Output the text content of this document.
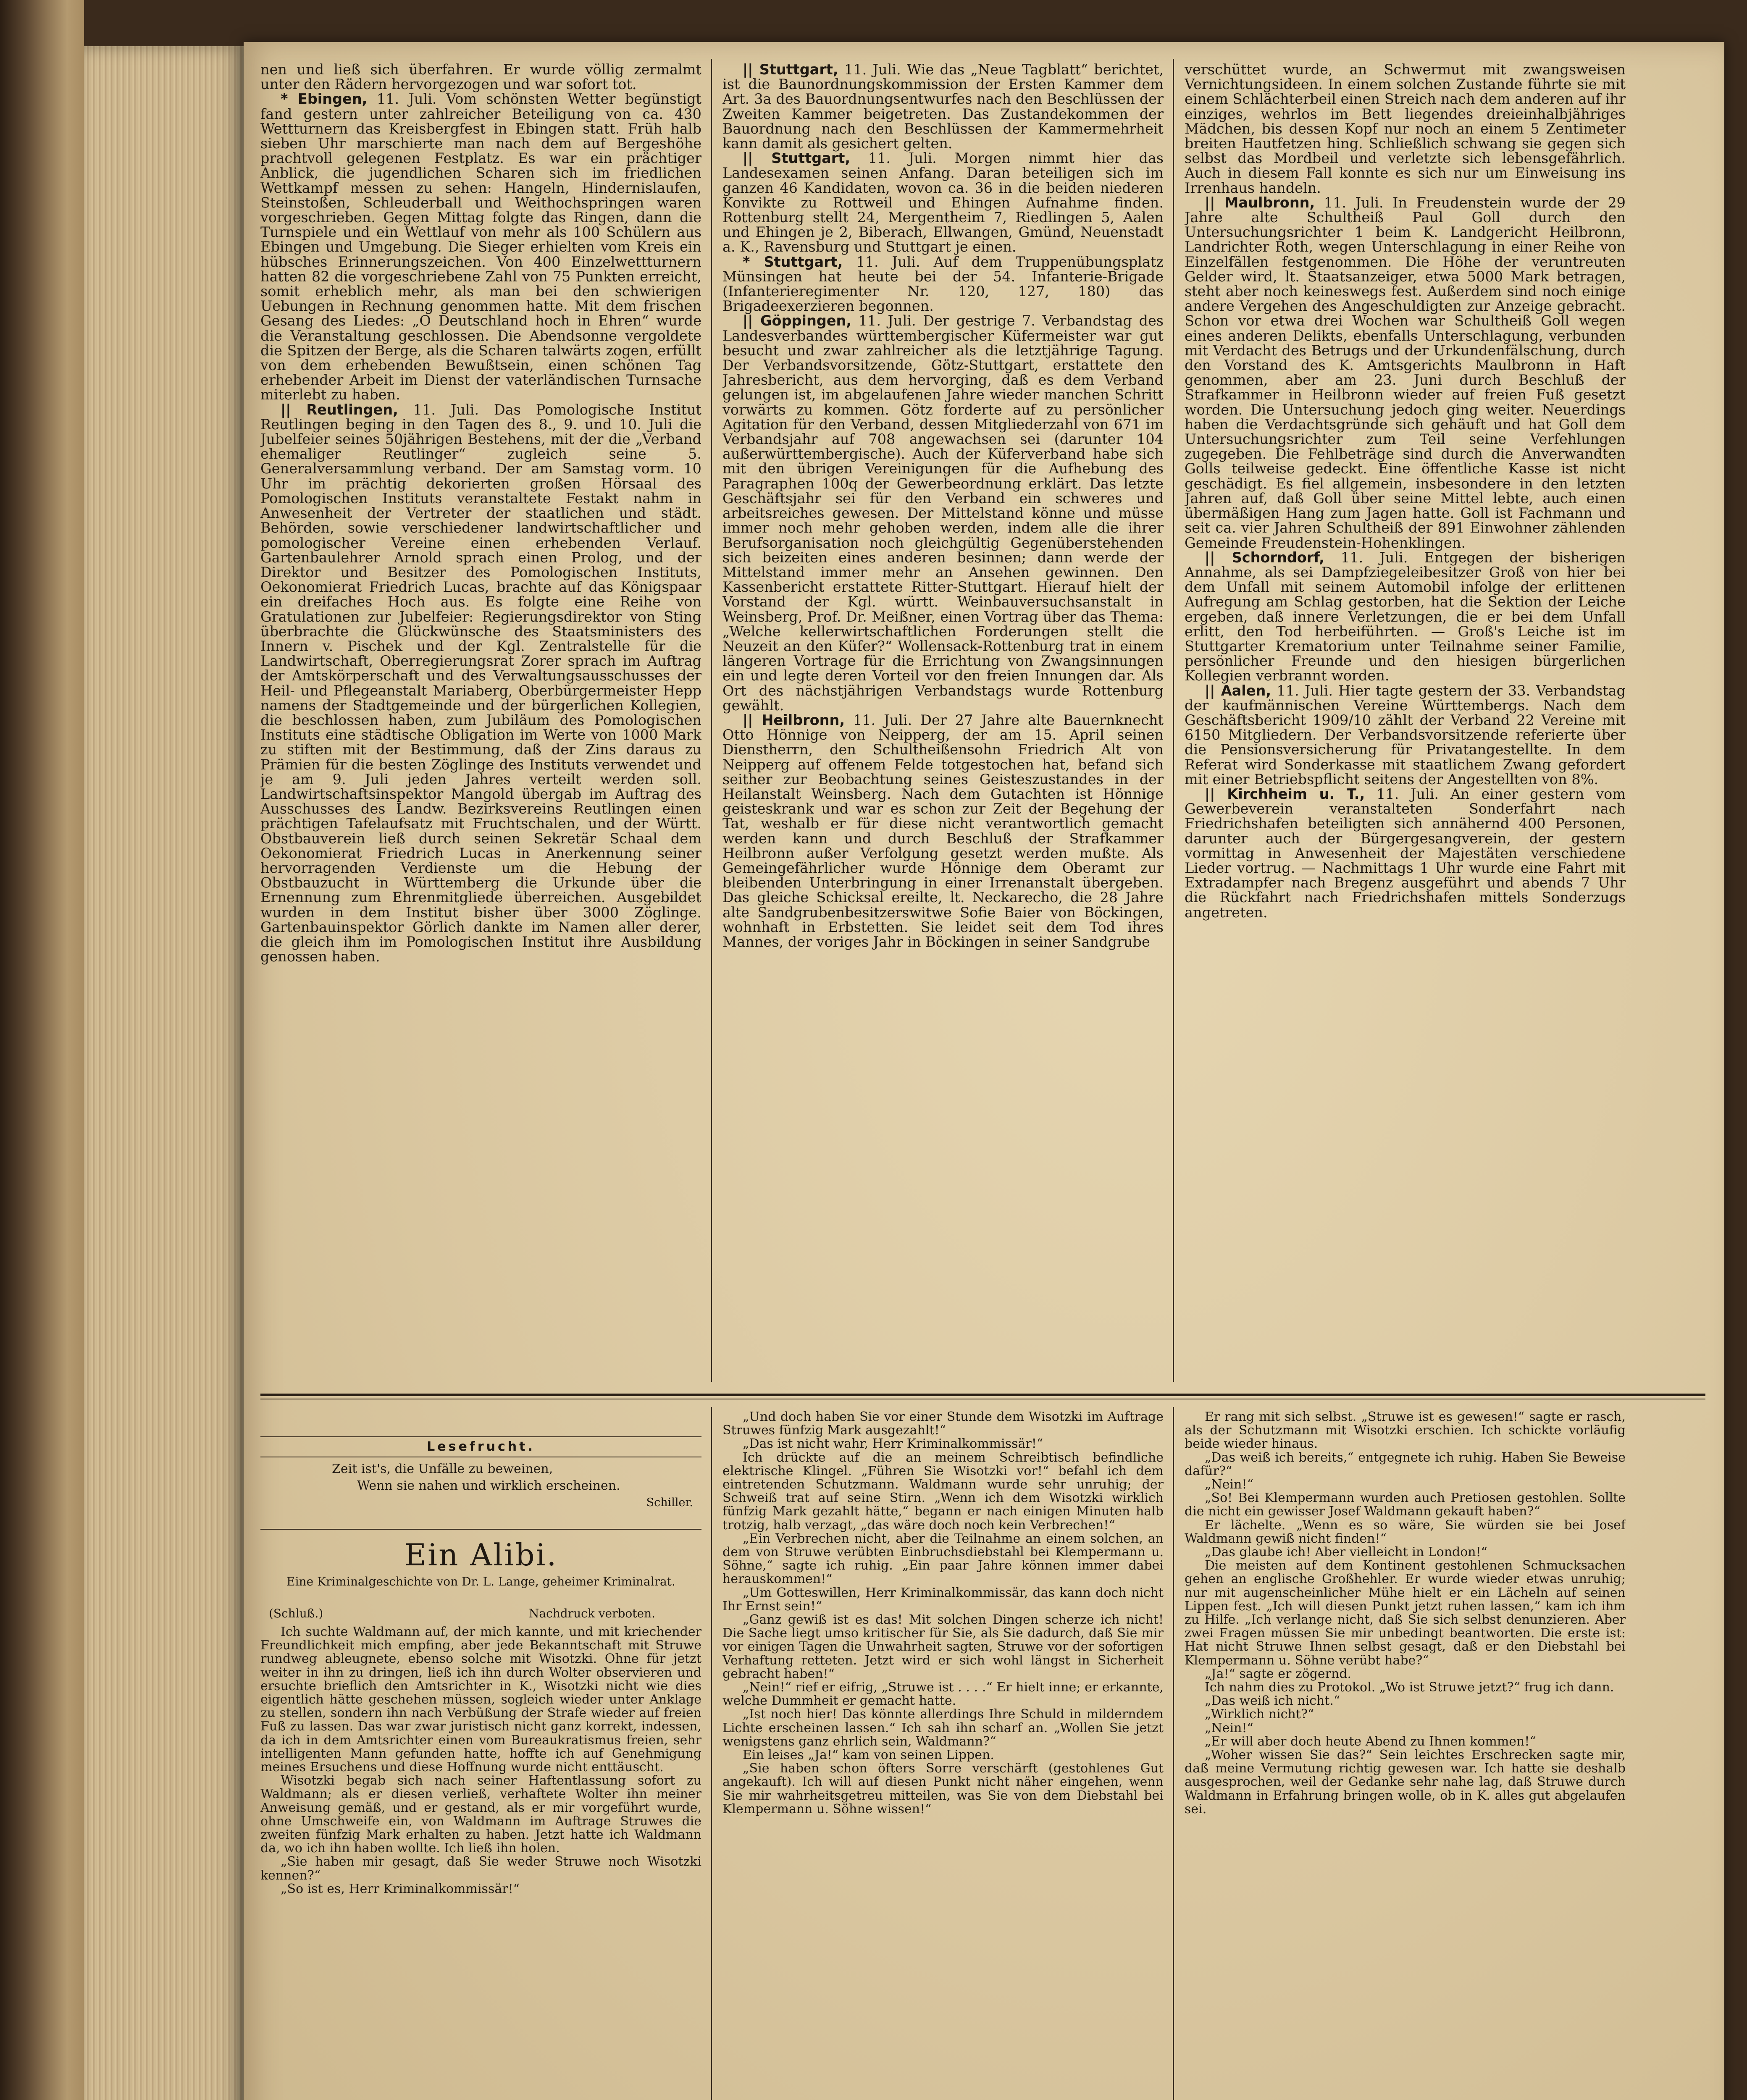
nen und ließ sich überfahren. Er wurde völlig zermalmt unter den Rädern hervorgezogen und war sofort tot.

* Ebingen, 11. Juli. Vom schönsten Wetter begünstigt fand gestern unter zahlreicher Beteiligung von ca. 430 Wettturnern das Kreisbergfest in Ebingen statt. Früh halb sieben Uhr marschierte man nach dem auf Bergeshöhe prachtvoll gelegenen Festplatz. Es war ein prächtiger Anblick, die jugendlichen Scharen sich im friedlichen Wettkampf messen zu sehen: Hangeln, Hindernislaufen, Steinstoßen, Schleuderball und Weithochspringen waren vorgeschrieben. Gegen Mittag folgte das Ringen, dann die Turnspiele und ein Wettlauf von mehr als 100 Schülern aus Ebingen und Umgebung. Die Sieger erhielten vom Kreis ein hübsches Erinnerungszeichen. Von 400 Einzelwettturnern hatten 82 die vorgeschriebene Zahl von 75 Punkten erreicht, somit erheblich mehr, als man bei den schwierigen Uebungen in Rechnung genommen hatte. Mit dem frischen Gesang des Liedes: „O Deutschland hoch in Ehren“ wurde die Veranstaltung geschlossen. Die Abendsonne vergoldete die Spitzen der Berge, als die Scharen talwärts zogen, erfüllt von dem erhebenden Bewußtsein, einen schönen Tag erhebender Arbeit im Dienst der vaterländischen Turnsache miterlebt zu haben.

|| Reutlingen, 11. Juli. Das Pomologische Institut Reutlingen beging in den Tagen des 8., 9. und 10. Juli die Jubelfeier seines 50jährigen Bestehens, mit der die „Verband ehemaliger Reutlinger“ zugleich seine 5. Generalversammlung verband. Der am Samstag vorm. 10 Uhr im prächtig dekorierten großen Hörsaal des Pomologischen Instituts veranstaltete Festakt nahm in Anwesenheit der Vertreter der staatlichen und städt. Behörden, sowie verschiedener landwirtschaftlicher und pomologischer Vereine einen erhebenden Verlauf. Gartenbaulehrer Arnold sprach einen Prolog, und der Direktor und Besitzer des Pomologischen Instituts, Oekonomierat Friedrich Lucas, brachte auf das Königspaar ein dreifaches Hoch aus. Es folgte eine Reihe von Gratulationen zur Jubelfeier: Regierungsdirektor von Sting überbrachte die Glückwünsche des Staatsministers des Innern v. Pischek und der Kgl. Zentralstelle für die Landwirtschaft, Oberregierungsrat Zorer sprach im Auftrag der Amtskörperschaft und des Verwaltungsausschusses der Heil- und Pflegeanstalt Mariaberg, Oberbürgermeister Hepp namens der Stadtgemeinde und der bürgerlichen Kollegien, die beschlossen haben, zum Jubiläum des Pomologischen Instituts eine städtische Obligation im Werte von 1000 Mark zu stiften mit der Bestimmung, daß der Zins daraus zu Prämien für die besten Zöglinge des Instituts verwendet und je am 9. Juli jeden Jahres verteilt werden soll. Landwirtschaftsinspektor Mangold übergab im Auftrag des Ausschusses des Landw. Bezirksvereins Reutlingen einen prächtigen Tafelaufsatz mit Fruchtschalen, und der Württ. Obstbauverein ließ durch seinen Sekretär Schaal dem Oekonomierat Friedrich Lucas in Anerkennung seiner hervorragenden Verdienste um die Hebung der Obstbauzucht in Württemberg die Urkunde über die Ernennung zum Ehrenmitgliede überreichen. Ausgebildet wurden in dem Institut bisher über 3000 Zöglinge. Gartenbauinspektor Görlich dankte im Namen aller derer, die gleich ihm im Pomologischen Institut ihre Ausbildung genossen haben.

|| Stuttgart, 11. Juli. Wie das „Neue Tagblatt“ berichtet, ist die Baunordnungskommission der Ersten Kammer dem Art. 3a des Bauordnungsentwurfes nach den Beschlüssen der Zweiten Kammer beigetreten. Das Zustandekommen der Bauordnung nach den Beschlüssen der Kammermehrheit kann damit als gesichert gelten.

|| Stuttgart, 11. Juli. Morgen nimmt hier das Landesexamen seinen Anfang. Daran beteiligen sich im ganzen 46 Kandidaten, wovon ca. 36 in die beiden niederen Konvikte zu Rottweil und Ehingen Aufnahme finden. Rottenburg stellt 24, Mergentheim 7, Riedlingen 5, Aalen und Ehingen je 2, Biberach, Ellwangen, Gmünd, Neuenstadt a. K., Ravensburg und Stuttgart je einen.

* Stuttgart, 11. Juli. Auf dem Truppenübungsplatz Münsingen hat heute bei der 54. Infanterie-Brigade (Infanterieregimenter Nr. 120, 127, 180) das Brigadeexerzieren begonnen.

|| Göppingen, 11. Juli. Der gestrige 7. Verbandstag des Landesverbandes württembergischer Küfermeister war gut besucht und zwar zahlreicher als die letztjährige Tagung. Der Verbandsvorsitzende, Götz-Stuttgart, erstattete den Jahresbericht, aus dem hervorging, daß es dem Verband gelungen ist, im abgelaufenen Jahre wieder manchen Schritt vorwärts zu kommen. Götz forderte auf zu persönlicher Agitation für den Verband, dessen Mitgliederzahl von 671 im Verbandsjahr auf 708 angewachsen sei (darunter 104 außerwürttembergische). Auch der Küferverband habe sich mit den übrigen Vereinigungen für die Aufhebung des Paragraphen 100q der Gewerbeordnung erklärt. Das letzte Geschäftsjahr sei für den Verband ein schweres und arbeitsreiches gewesen. Der Mittelstand könne und müsse immer noch mehr gehoben werden, indem alle die ihrer Berufsorganisation noch gleichgültig Gegenüberstehenden sich beizeiten eines anderen besinnen; dann werde der Mittelstand immer mehr an Ansehen gewinnen. Den Kassenbericht erstattete Ritter-Stuttgart. Hierauf hielt der Vorstand der Kgl. württ. Weinbauversuchsanstalt in Weinsberg, Prof. Dr. Meißner, einen Vortrag über das Thema: „Welche kellerwirtschaftlichen Forderungen stellt die Neuzeit an den Küfer?“ Wollensack-Rottenburg trat in einem längeren Vortrage für die Errichtung von Zwangsinnungen ein und legte deren Vorteil vor den freien Innungen dar. Als Ort des nächstjährigen Verbandstags wurde Rottenburg gewählt.

|| Heilbronn, 11. Juli. Der 27 Jahre alte Bauernknecht Otto Hönnige von Neipperg, der am 15. April seinen Dienstherrn, den Schultheißensohn Friedrich Alt von Neipperg auf offenem Felde totgestochen hat, befand sich seither zur Beobachtung seines Geisteszustandes in der Heilanstalt Weinsberg. Nach dem Gutachten ist Hönnige geisteskrank und war es schon zur Zeit der Begehung der Tat, weshalb er für diese nicht verantwortlich gemacht werden kann und durch Beschluß der Strafkammer Heilbronn außer Verfolgung gesetzt werden mußte. Als Gemeingefährlicher wurde Hönnige dem Oberamt zur bleibenden Unterbringung in einer Irrenanstalt übergeben. Das gleiche Schicksal ereilte, lt. Neckarecho, die 28 Jahre alte Sandgrubenbesitzerswitwe Sofie Baier von Böckingen, wohnhaft in Erbstetten. Sie leidet seit dem Tod ihres Mannes, der voriges Jahr in Böckingen in seiner Sandgrube

verschüttet wurde, an Schwermut mit zwangsweisen Vernichtungsideen. In einem solchen Zustande führte sie mit einem Schlächterbeil einen Streich nach dem anderen auf ihr einziges, wehrlos im Bett liegendes dreieinhalbjähriges Mädchen, bis dessen Kopf nur noch an einem 5 Zentimeter breiten Hautfetzen hing. Schließlich schwang sie gegen sich selbst das Mordbeil und verletzte sich lebensgefährlich. Auch in diesem Fall konnte es sich nur um Einweisung ins Irrenhaus handeln.

|| Maulbronn, 11. Juli. In Freudenstein wurde der 29 Jahre alte Schultheiß Paul Goll durch den Untersuchungsrichter 1 beim K. Landgericht Heilbronn, Landrichter Roth, wegen Unterschlagung in einer Reihe von Einzelfällen festgenommen. Die Höhe der veruntreuten Gelder wird, lt. Staatsanzeiger, etwa 5000 Mark betragen, steht aber noch keineswegs fest. Außerdem sind noch einige andere Vergehen des Angeschuldigten zur Anzeige gebracht. Schon vor etwa drei Wochen war Schultheiß Goll wegen eines anderen Delikts, ebenfalls Unterschlagung, verbunden mit Verdacht des Betrugs und der Urkundenfälschung, durch den Vorstand des K. Amtsgerichts Maulbronn in Haft genommen, aber am 23. Juni durch Beschluß der Strafkammer in Heilbronn wieder auf freien Fuß gesetzt worden. Die Untersuchung jedoch ging weiter. Neuerdings haben die Verdachtsgründe sich gehäuft und hat Goll dem Untersuchungsrichter zum Teil seine Verfehlungen zugegeben. Die Fehlbeträge sind durch die Anverwandten Golls teilweise gedeckt. Eine öffentliche Kasse ist nicht geschädigt. Es fiel allgemein, insbesondere in den letzten Jahren auf, daß Goll über seine Mittel lebte, auch einen übermäßigen Hang zum Jagen hatte. Goll ist Fachmann und seit ca. vier Jahren Schultheiß der 891 Einwohner zählenden Gemeinde Freudenstein-Hohenklingen.

|| Schorndorf, 11. Juli. Entgegen der bisherigen Annahme, als sei Dampfziegeleibesitzer Groß von hier bei dem Unfall mit seinem Automobil infolge der erlittenen Aufregung am Schlag gestorben, hat die Sektion der Leiche ergeben, daß innere Verletzungen, die er bei dem Unfall erlitt, den Tod herbeiführten. — Groß's Leiche ist im Stuttgarter Krematorium unter Teilnahme seiner Familie, persönlicher Freunde und den hiesigen bürgerlichen Kollegien verbrannt worden.

|| Aalen, 11. Juli. Hier tagte gestern der 33. Verbandstag der kaufmännischen Vereine Württembergs. Nach dem Geschäftsbericht 1909/10 zählt der Verband 22 Vereine mit 6150 Mitgliedern. Der Verbandsvorsitzende referierte über die Pensionsversicherung für Privatangestellte. In dem Referat wird Sonderkasse mit staatlichem Zwang gefordert mit einer Betriebspflicht seitens der Angestellten von 8%.

|| Kirchheim u. T., 11. Juli. An einer gestern vom Gewerbeverein veranstalteten Sonderfahrt nach Friedrichshafen beteiligten sich annähernd 400 Personen, darunter auch der Bürgergesangverein, der gestern vormittag in Anwesenheit der Majestäten verschiedene Lieder vortrug. — Nachmittags 1 Uhr wurde eine Fahrt mit Extradampfer nach Bregenz ausgeführt und abends 7 Uhr die Rückfahrt nach Friedrichshafen mittels Sonderzugs angetreten.

Lesefrucht.
Zeit ist's, die Unfälle zu beweinen,
Wenn sie nahen und wirklich erscheinen.
Schiller.
Ein Alibi.
Eine Kriminalgeschichte von Dr. L. Lange, geheimer Kriminalrat.
(Schluß.)	Nachdruck verboten.

Ich suchte Waldmann auf, der mich kannte, und mit kriechender Freundlichkeit mich empfing, aber jede Bekanntschaft mit Struwe rundweg ableugnete, ebenso solche mit Wisotzki. Ohne für jetzt weiter in ihn zu dringen, ließ ich ihn durch Wolter observieren und ersuchte brieflich den Amtsrichter in K., Wisotzki nicht wie dies eigentlich hätte geschehen müssen, sogleich wieder unter Anklage zu stellen, sondern ihn nach Verbüßung der Strafe wieder auf freien Fuß zu lassen. Das war zwar juristisch nicht ganz korrekt, indessen, da ich in dem Amtsrichter einen vom Bureaukratismus freien, sehr intelligenten Mann gefunden hatte, hoffte ich auf Genehmigung meines Ersuchens und diese Hoffnung wurde nicht enttäuscht.

Wisotzki begab sich nach seiner Haftentlassung sofort zu Waldmann; als er diesen verließ, verhaftete Wolter ihn meiner Anweisung gemäß, und er gestand, als er mir vorgeführt wurde, ohne Umschweife ein, von Waldmann im Auftrage Struwes die zweiten fünfzig Mark erhalten zu haben. Jetzt hatte ich Waldmann da, wo ich ihn haben wollte. Ich ließ ihn holen.

„Sie haben mir gesagt, daß Sie weder Struwe noch Wisotzki kennen?“

„So ist es, Herr Kriminalkommissär!“

„Und doch haben Sie vor einer Stunde dem Wisotzki im Auftrage Struwes fünfzig Mark ausgezahlt!“

„Das ist nicht wahr, Herr Kriminalkommissär!“

Ich drückte auf die an meinem Schreibtisch befindliche elektrische Klingel. „Führen Sie Wisotzki vor!“ befahl ich dem eintretenden Schutzmann. Waldmann wurde sehr unruhig; der Schweiß trat auf seine Stirn. „Wenn ich dem Wisotzki wirklich fünfzig Mark gezahlt hätte,“ begann er nach einigen Minuten halb trotzig, halb verzagt, „das wäre doch noch kein Verbrechen!“

„Ein Verbrechen nicht, aber die Teilnahme an einem solchen, an dem von Struwe verübten Einbruchsdiebstahl bei Klempermann u. Söhne,“ sagte ich ruhig. „Ein paar Jahre können immer dabei herauskommen!“

„Um Gotteswillen, Herr Kriminalkommissär, das kann doch nicht Ihr Ernst sein!“

„Ganz gewiß ist es das! Mit solchen Dingen scherze ich nicht! Die Sache liegt umso kritischer für Sie, als Sie dadurch, daß Sie mir vor einigen Tagen die Unwahrheit sagten, Struwe vor der sofortigen Verhaftung retteten. Jetzt wird er sich wohl längst in Sicherheit gebracht haben!“

„Nein!“ rief er eifrig, „Struwe ist . . . .“ Er hielt inne; er erkannte, welche Dummheit er gemacht hatte.

„Ist noch hier! Das könnte allerdings Ihre Schuld in milderndem Lichte erscheinen lassen.“ Ich sah ihn scharf an. „Wollen Sie jetzt wenigstens ganz ehrlich sein, Waldmann?“

Ein leises „Ja!“ kam von seinen Lippen.

„Sie haben schon öfters Sorre verschärft (gestohlenes Gut angekauft). Ich will auf diesen Punkt nicht näher eingehen, wenn Sie mir wahrheitsgetreu mitteilen, was Sie von dem Diebstahl bei Klempermann u. Söhne wissen!“

Er rang mit sich selbst. „Struwe ist es gewesen!“ sagte er rasch, als der Schutzmann mit Wisotzki erschien. Ich schickte vorläufig beide wieder hinaus.

„Das weiß ich bereits,“ entgegnete ich ruhig. Haben Sie Beweise dafür?“

„Nein!“

„So! Bei Klempermann wurden auch Pretiosen gestohlen. Sollte die nicht ein gewisser Josef Waldmann gekauft haben?“

Er lächelte. „Wenn es so wäre, Sie würden sie bei Josef Waldmann gewiß nicht finden!“

„Das glaube ich! Aber vielleicht in London!“

Die meisten auf dem Kontinent gestohlenen Schmucksachen gehen an englische Großhehler. Er wurde wieder etwas unruhig; nur mit augenscheinlicher Mühe hielt er ein Lächeln auf seinen Lippen fest. „Ich will diesen Punkt jetzt ruhen lassen,“ kam ich ihm zu Hilfe. „Ich verlange nicht, daß Sie sich selbst denunzieren. Aber zwei Fragen müssen Sie mir unbedingt beantworten. Die erste ist: Hat nicht Struwe Ihnen selbst gesagt, daß er den Diebstahl bei Klempermann u. Söhne verübt habe?“

„Ja!“ sagte er zögernd.

Ich nahm dies zu Protokol. „Wo ist Struwe jetzt?“ frug ich dann.

„Das weiß ich nicht.“

„Wirklich nicht?“

„Nein!“

„Er will aber doch heute Abend zu Ihnen kommen!“

„Woher wissen Sie das?“ Sein leichtes Erschrecken sagte mir, daß meine Vermutung richtig gewesen war. Ich hatte sie deshalb ausgesprochen, weil der Gedanke sehr nahe lag, daß Struwe durch Waldmann in Erfahrung bringen wolle, ob in K. alles gut abgelaufen sei.
